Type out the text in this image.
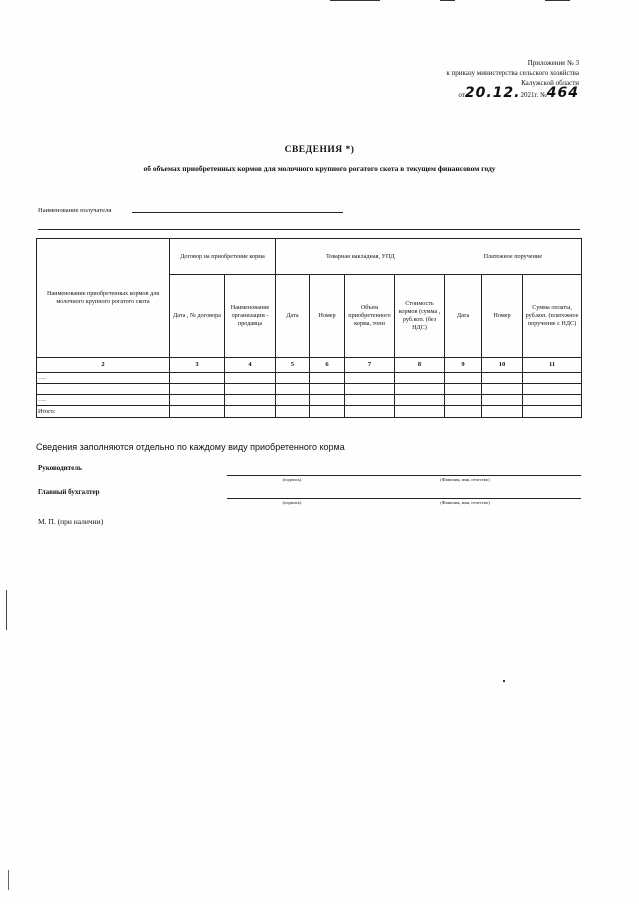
Приложение № 3
к приказу министерства сельского хозяйства
Калужской области
от20.12.2021г. №464
СВЕДЕНИЯ *)
об объемах приобретенных кормов для молочного крупного рогатого скота в текущем финансовом году
Наименование получателя
Наименование приобретенных кормов для молочного крупного рогатого скота	Договор на приобретение корма		Товарная накладная, УПД				Платежное поручение		
	Дата , № договора	Наименование организации - продавца	Дата	Номер	Объем приобретенного корма, тонн	Стоимость кормов (сумма , руб.коп. (без НДС)	Дата	Номер	Сумма оплаты, руб.коп. (платежное поручение с НДС)
2	3	4	5	6	7	8	9	10	11
….									

….									
Итого:									
Сведения заполняются отдельно по каждому виду приобретенного корма
Руководитель
(подпись)	(Фамилия, имя, отчество)
Главный бухгалтер
(подпись)	(Фамилия, имя, отчество)
М. П. (при наличии)
